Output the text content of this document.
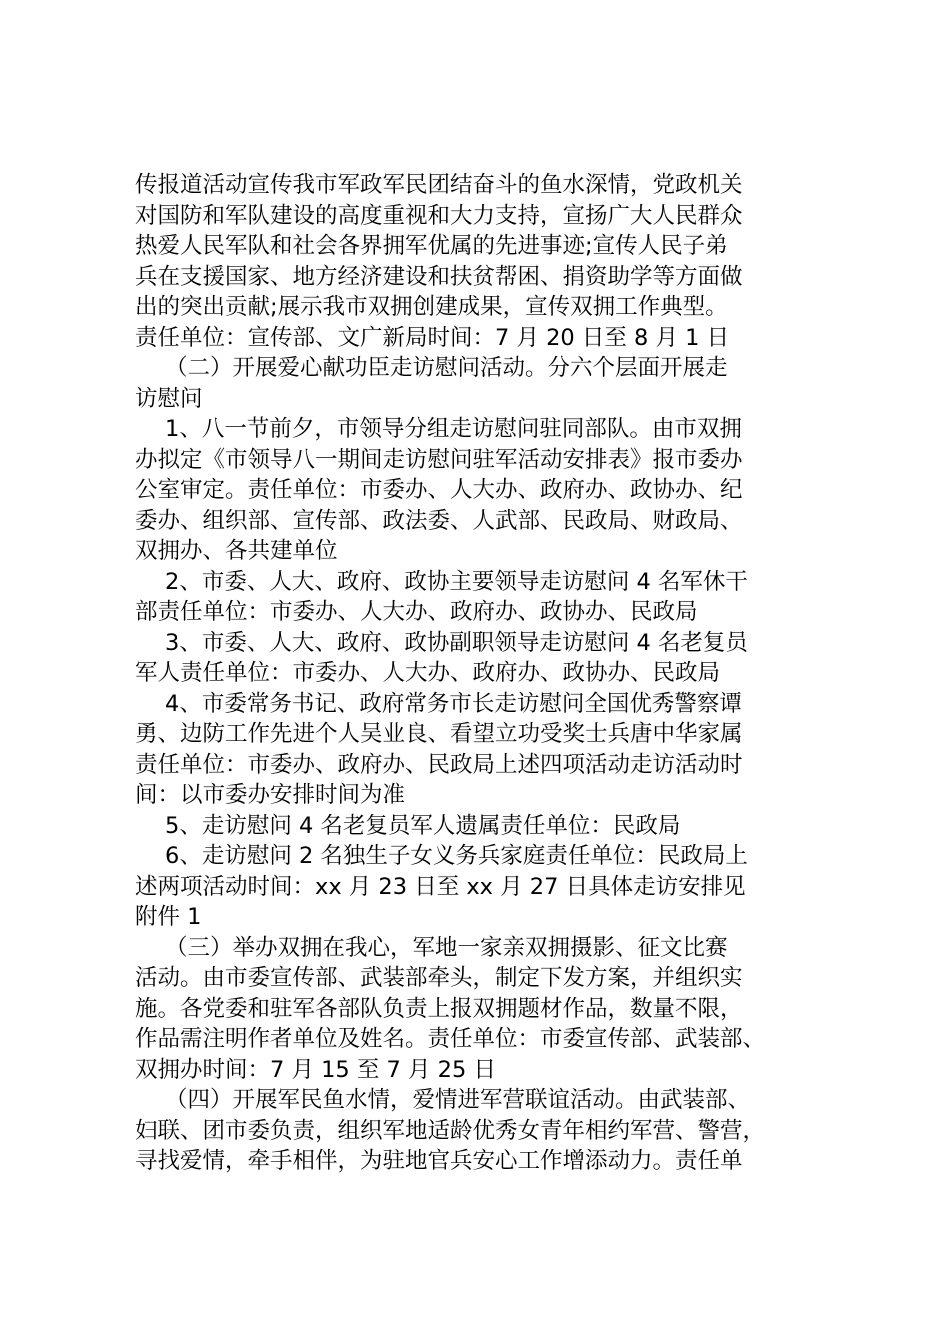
传报道活动宣传我市军政军民团结奋斗的鱼水深情，党政机关
对国防和军队建设的高度重视和大力支持，宣扬广大人民群众
热爱人民军队和社会各界拥军优属的先进事迹;宣传人民子弟
兵在支援国家、地方经济建设和扶贫帮困、捐资助学等方面做
出的突出贡献;展示我市双拥创建成果，宣传双拥工作典型。
责任单位：宣传部、文广新局时间：7 月 20 日至 8 月 1 日
（二）开展爱心献功臣走访慰问活动。分六个层面开展走
访慰问
1、八一节前夕，市领导分组走访慰问驻同部队。由市双拥
办拟定《市领导八一期间走访慰问驻军活动安排表》报市委办
公室审定。责任单位：市委办、人大办、政府办、政协办、纪
委办、组织部、宣传部、政法委、人武部、民政局、财政局、
双拥办、各共建单位
2、市委、人大、政府、政协主要领导走访慰问 4 名军休干
部责任单位：市委办、人大办、政府办、政协办、民政局
3、市委、人大、政府、政协副职领导走访慰问 4 名老复员
军人责任单位：市委办、人大办、政府办、政协办、民政局
4、市委常务书记、政府常务市长走访慰问全国优秀警察谭
勇、边防工作先进个人吴业良、看望立功受奖士兵唐中华家属
责任单位：市委办、政府办、民政局上述四项活动走访活动时
间：以市委办安排时间为准
5、走访慰问 4 名老复员军人遗属责任单位：民政局
6、走访慰问 2 名独生子女义务兵家庭责任单位：民政局上
述两项活动时间：xx 月 23 日至 xx 月 27 日具体走访安排见
附件 1
（三）举办双拥在我心，军地一家亲双拥摄影、征文比赛
活动。由市委宣传部、武装部牵头，制定下发方案，并组织实
施。各党委和驻军各部队负责上报双拥题材作品，数量不限，
作品需注明作者单位及姓名。责任单位：市委宣传部、武装部、
双拥办时间：7 月 15 至 7 月 25 日
（四）开展军民鱼水情，爱情进军营联谊活动。由武装部、
妇联、团市委负责，组织军地适龄优秀女青年相约军营、警营，
寻找爱情，牵手相伴，为驻地官兵安心工作增添动力。责任单
